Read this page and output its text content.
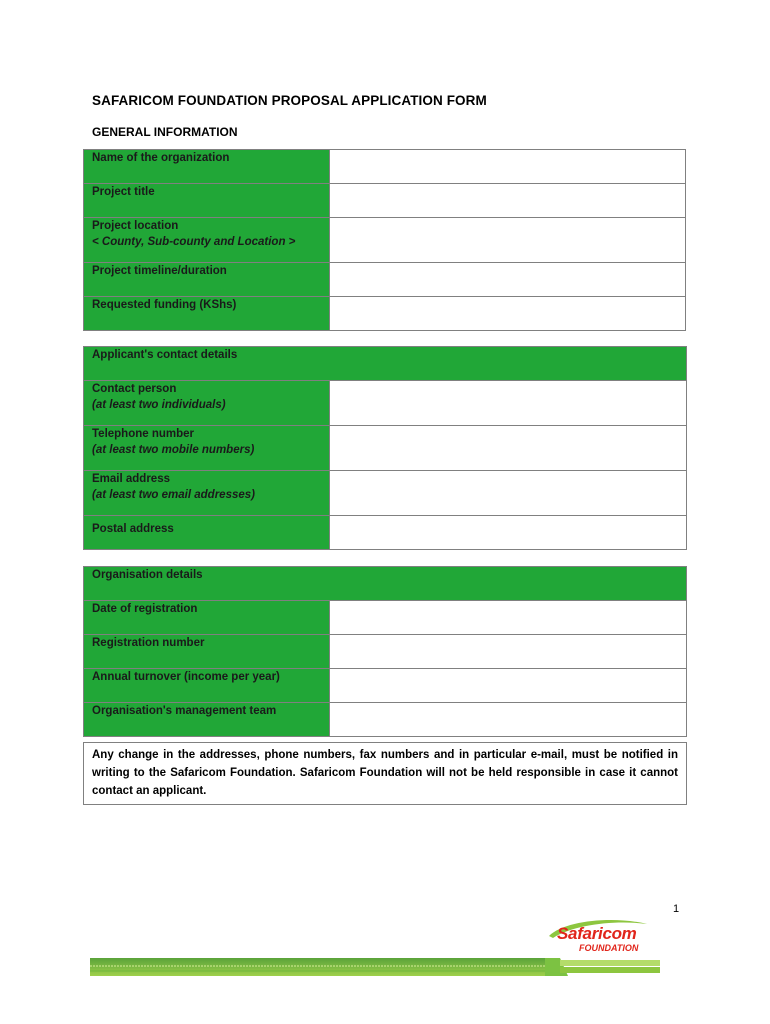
SAFARICOM FOUNDATION PROPOSAL APPLICATION FORM
GENERAL INFORMATION
Name of the organization	
Project title	

Project location
< County, Sub-county and Location >	

Project timeline/duration	
Requested funding (KShs)	
Applicant's contact details	

Contact person
(at least two individuals)	

Telephone number
(at least two mobile numbers)	

Email address
(at least two email addresses)	

Postal address	
Organisation details	
Date of registration	
Registration number	
Annual turnover (income per year)	
Organisation's management team	
Any change in the addresses, phone numbers, fax numbers and in particular e-mail, must be notified in writing to the Safaricom Foundation. Safaricom Foundation will not be held responsible in case it cannot contact an applicant.
1
Safaricom
FOUNDATION
